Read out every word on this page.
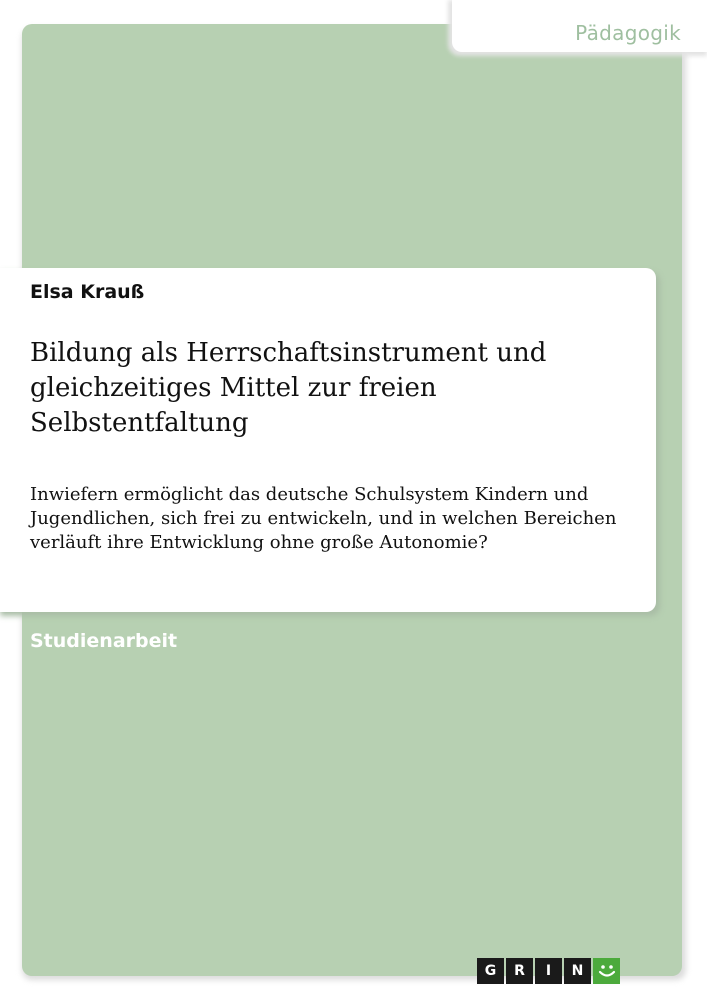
Pädagogik
Elsa Krauß
Bildung als Herrschaftsinstrument und gleichzeitiges Mittel zur freien Selbstentfaltung

Inwiefern ermöglicht das deutsche Schulsystem Kindern und Jugendlichen, sich frei zu entwickeln, und in welchen Bereichen verläuft ihre Entwicklung ohne große Autonomie?

Studienarbeit
G	R	I	N
